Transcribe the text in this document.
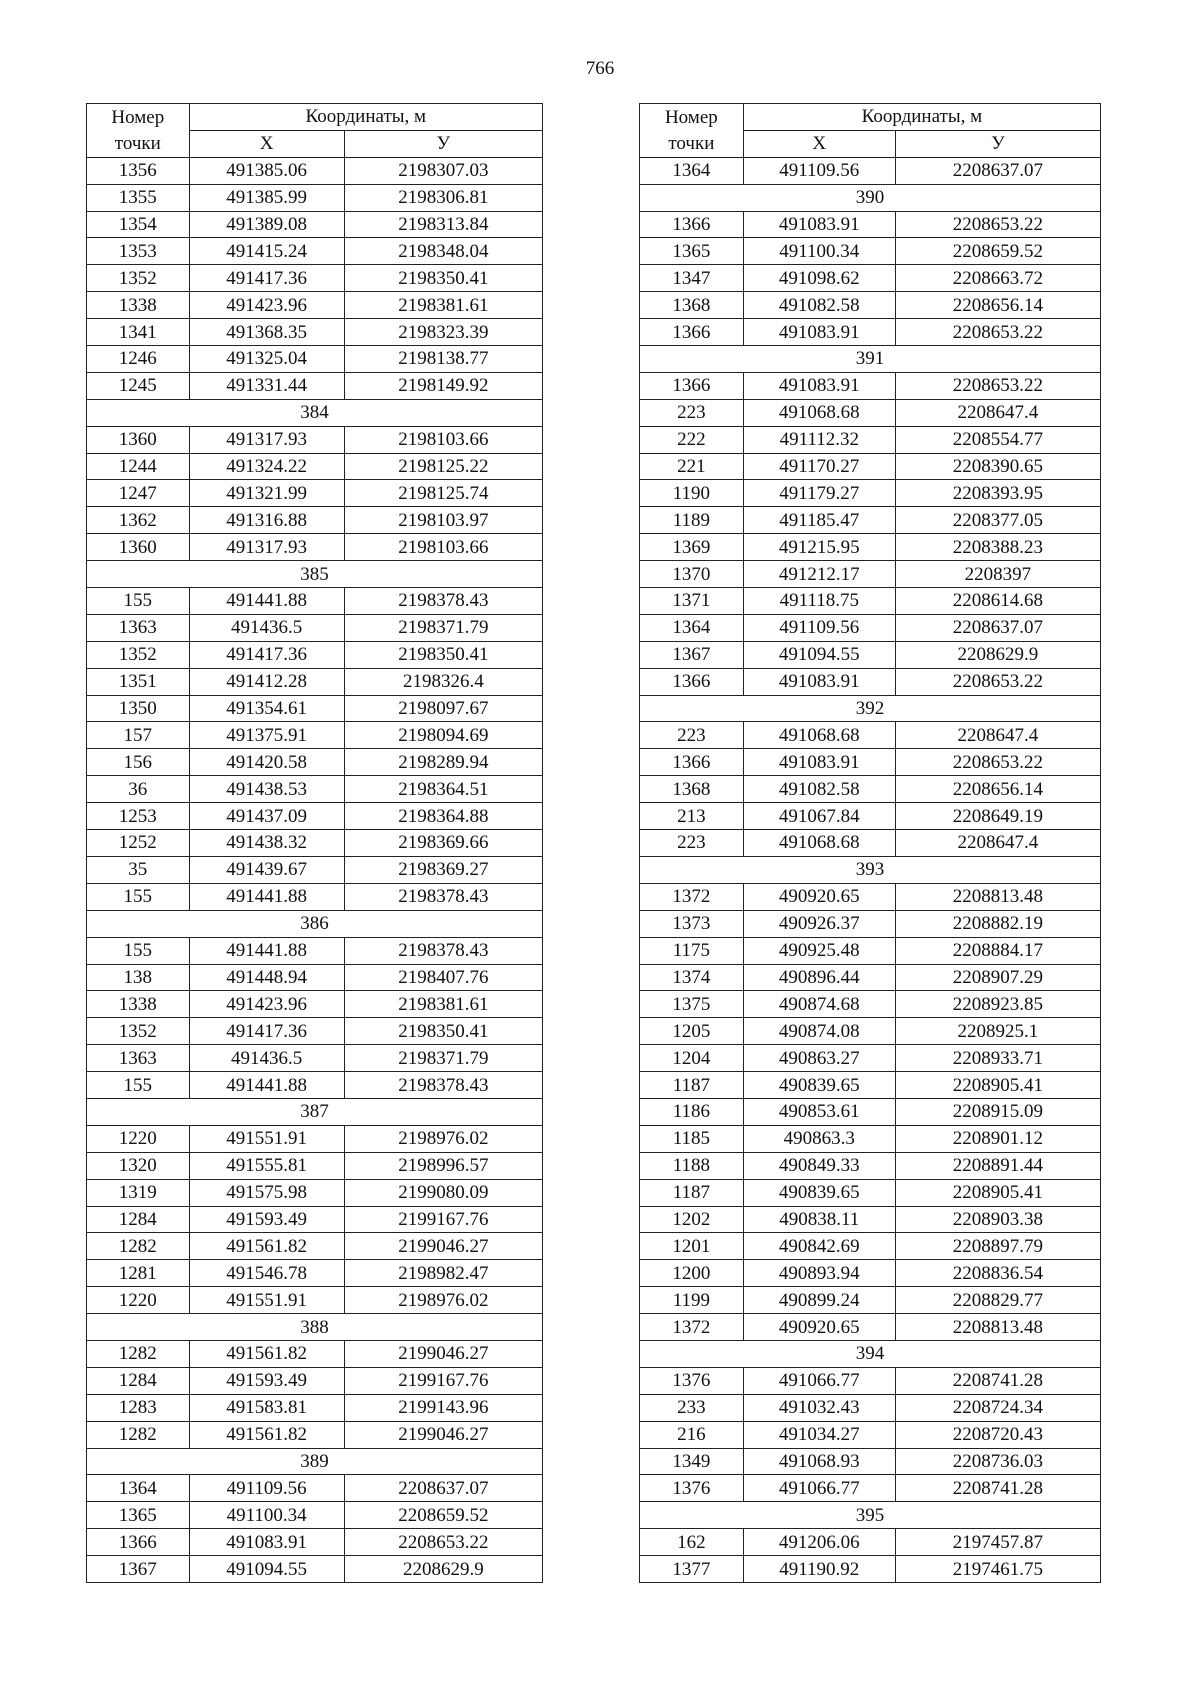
766
Номер	Координаты, м	
точки	X	У
1356	491385.06	2198307.03
1355	491385.99	2198306.81
1354	491389.08	2198313.84
1353	491415.24	2198348.04
1352	491417.36	2198350.41
1338	491423.96	2198381.61
1341	491368.35	2198323.39
1246	491325.04	2198138.77
1245	491331.44	2198149.92
384		
1360	491317.93	2198103.66
1244	491324.22	2198125.22
1247	491321.99	2198125.74
1362	491316.88	2198103.97
1360	491317.93	2198103.66
385		
155	491441.88	2198378.43
1363	491436.5	2198371.79
1352	491417.36	2198350.41
1351	491412.28	2198326.4
1350	491354.61	2198097.67
157	491375.91	2198094.69
156	491420.58	2198289.94
36	491438.53	2198364.51
1253	491437.09	2198364.88
1252	491438.32	2198369.66
35	491439.67	2198369.27
155	491441.88	2198378.43
386		
155	491441.88	2198378.43
138	491448.94	2198407.76
1338	491423.96	2198381.61
1352	491417.36	2198350.41
1363	491436.5	2198371.79
155	491441.88	2198378.43
387		
1220	491551.91	2198976.02
1320	491555.81	2198996.57
1319	491575.98	2199080.09
1284	491593.49	2199167.76
1282	491561.82	2199046.27
1281	491546.78	2198982.47
1220	491551.91	2198976.02
388		
1282	491561.82	2199046.27
1284	491593.49	2199167.76
1283	491583.81	2199143.96
1282	491561.82	2199046.27
389		
1364	491109.56	2208637.07
1365	491100.34	2208659.52
1366	491083.91	2208653.22
1367	491094.55	2208629.9
Номер	Координаты, м	
точки	X	У
1364	491109.56	2208637.07
390		
1366	491083.91	2208653.22
1365	491100.34	2208659.52
1347	491098.62	2208663.72
1368	491082.58	2208656.14
1366	491083.91	2208653.22
391		
1366	491083.91	2208653.22
223	491068.68	2208647.4
222	491112.32	2208554.77
221	491170.27	2208390.65
1190	491179.27	2208393.95
1189	491185.47	2208377.05
1369	491215.95	2208388.23
1370	491212.17	2208397
1371	491118.75	2208614.68
1364	491109.56	2208637.07
1367	491094.55	2208629.9
1366	491083.91	2208653.22
392		
223	491068.68	2208647.4
1366	491083.91	2208653.22
1368	491082.58	2208656.14
213	491067.84	2208649.19
223	491068.68	2208647.4
393		
1372	490920.65	2208813.48
1373	490926.37	2208882.19
1175	490925.48	2208884.17
1374	490896.44	2208907.29
1375	490874.68	2208923.85
1205	490874.08	2208925.1
1204	490863.27	2208933.71
1187	490839.65	2208905.41
1186	490853.61	2208915.09
1185	490863.3	2208901.12
1188	490849.33	2208891.44
1187	490839.65	2208905.41
1202	490838.11	2208903.38
1201	490842.69	2208897.79
1200	490893.94	2208836.54
1199	490899.24	2208829.77
1372	490920.65	2208813.48
394		
1376	491066.77	2208741.28
233	491032.43	2208724.34
216	491034.27	2208720.43
1349	491068.93	2208736.03
1376	491066.77	2208741.28
395		
162	491206.06	2197457.87
1377	491190.92	2197461.75
